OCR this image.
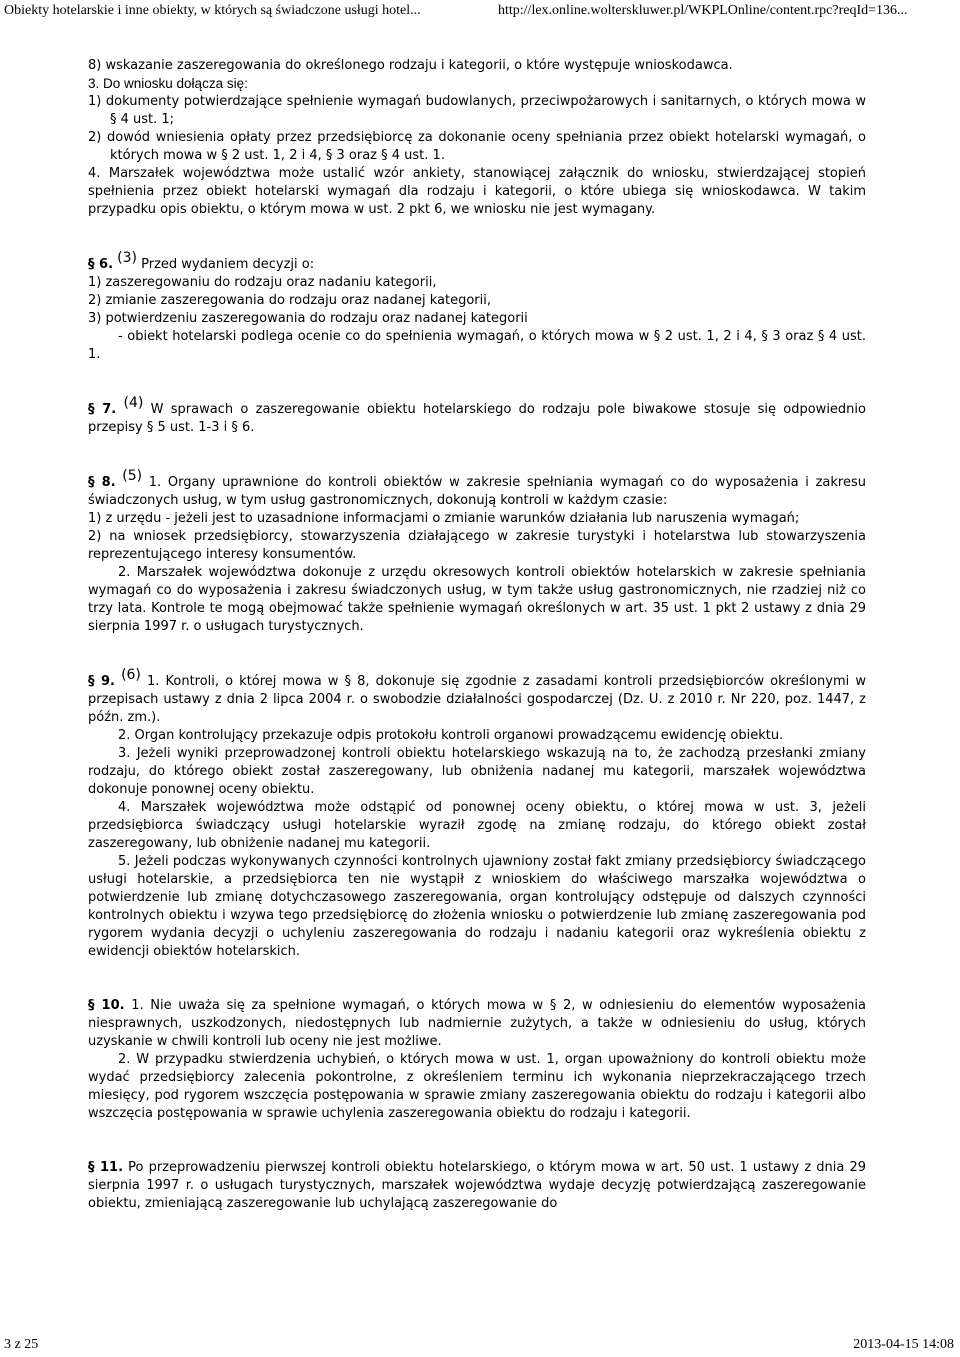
Obiekty hotelarskie i inne obiekty, w których są świadczone usługi hotel...	http://lex.online.wolterskluwer.pl/WKPLOnline/content.rpc?reqId=136...

8) wskazanie zaszeregowania do określonego rodzaju i kategorii, o które występuje wnioskodawca.

3. Do wniosku dołącza się:

1) dokumenty potwierdzające spełnienie wymagań budowlanych, przeciwpożarowych i sanitarnych, o których mowa w § 4 ust. 1;

2) dowód wniesienia opłaty przez przedsiębiorcę za dokonanie oceny spełniania przez obiekt hotelarski wymagań, o których mowa w § 2 ust. 1, 2 i 4, § 3 oraz § 4 ust. 1.

4. Marszałek województwa może ustalić wzór ankiety, stanowiącej załącznik do wniosku, stwierdzającej stopień spełnienia przez obiekt hotelarski wymagań dla rodzaju i kategorii, o które ubiega się wnioskodawca. W takim przypadku opis obiektu, o którym mowa w ust. 2 pkt 6, we wniosku nie jest wymagany.

§ 6. (3) Przed wydaniem decyzji o:

1) zaszeregowaniu do rodzaju oraz nadaniu kategorii,

2) zmianie zaszeregowania do rodzaju oraz nadanej kategorii,

3) potwierdzeniu zaszeregowania do rodzaju oraz nadanej kategorii

- obiekt hotelarski podlega ocenie co do spełnienia wymagań, o których mowa w § 2 ust. 1, 2 i 4, § 3 oraz § 4 ust. 1.

§ 7. (4) W sprawach o zaszeregowanie obiektu hotelarskiego do rodzaju pole biwakowe stosuje się odpowiednio przepisy § 5 ust. 1-3 i § 6.

§ 8. (5) 1. Organy uprawnione do kontroli obiektów w zakresie spełniania wymagań co do wyposażenia i zakresu świadczonych usług, w tym usług gastronomicznych, dokonują kontroli w każdym czasie:

1) z urzędu - jeżeli jest to uzasadnione informacjami o zmianie warunków działania lub naruszenia wymagań;

2) na wniosek przedsiębiorcy, stowarzyszenia działającego w zakresie turystyki i hotelarstwa lub stowarzyszenia reprezentującego interesy konsumentów.

2. Marszałek województwa dokonuje z urzędu okresowych kontroli obiektów hotelarskich w zakresie spełniania wymagań co do wyposażenia i zakresu świadczonych usług, w tym także usług gastronomicznych, nie rzadziej niż co trzy lata. Kontrole te mogą obejmować także spełnienie wymagań określonych w art. 35 ust. 1 pkt 2 ustawy z dnia 29 sierpnia 1997 r. o usługach turystycznych.

§ 9. (6) 1. Kontroli, o której mowa w § 8, dokonuje się zgodnie z zasadami kontroli przedsiębiorców określonymi w przepisach ustawy z dnia 2 lipca 2004 r. o swobodzie działalności gospodarczej (Dz. U. z 2010 r. Nr 220, poz. 1447, z późn. zm.).

2. Organ kontrolujący przekazuje odpis protokołu kontroli organowi prowadzącemu ewidencję obiektu.

3. Jeżeli wyniki przeprowadzonej kontroli obiektu hotelarskiego wskazują na to, że zachodzą przesłanki zmiany rodzaju, do którego obiekt został zaszeregowany, lub obniżenia nadanej mu kategorii, marszałek województwa dokonuje ponownej oceny obiektu.

4. Marszałek województwa może odstąpić od ponownej oceny obiektu, o której mowa w ust. 3, jeżeli przedsiębiorca świadczący usługi hotelarskie wyraził zgodę na zmianę rodzaju, do którego obiekt został zaszeregowany, lub obniżenie nadanej mu kategorii.

5. Jeżeli podczas wykonywanych czynności kontrolnych ujawniony został fakt zmiany przedsiębiorcy świadczącego usługi hotelarskie, a przedsiębiorca ten nie wystąpił z wnioskiem do właściwego marszałka województwa o potwierdzenie lub zmianę dotychczasowego zaszeregowania, organ kontrolujący odstępuje od dalszych czynności kontrolnych obiektu i wzywa tego przedsiębiorcę do złożenia wniosku o potwierdzenie lub zmianę zaszeregowania pod rygorem wydania decyzji o uchyleniu zaszeregowania do rodzaju i nadaniu kategorii oraz wykreślenia obiektu z ewidencji obiektów hotelarskich.

§ 10. 1. Nie uważa się za spełnione wymagań, o których mowa w § 2, w odniesieniu do elementów wyposażenia niesprawnych, uszkodzonych, niedostępnych lub nadmiernie zużytych, a także w odniesieniu do usług, których uzyskanie w chwili kontroli lub oceny nie jest możliwe.

2. W przypadku stwierdzenia uchybień, o których mowa w ust. 1, organ upoważniony do kontroli obiektu może wydać przedsiębiorcy zalecenia pokontrolne, z określeniem terminu ich wykonania nieprzekraczającego trzech miesięcy, pod rygorem wszczęcia postępowania w sprawie zmiany zaszeregowania obiektu do rodzaju i kategorii albo wszczęcia postępowania w sprawie uchylenia zaszeregowania obiektu do rodzaju i kategorii.

§ 11. Po przeprowadzeniu pierwszej kontroli obiektu hotelarskiego, o którym mowa w art. 50 ust. 1 ustawy z dnia 29 sierpnia 1997 r. o usługach turystycznych, marszałek województwa wydaje decyzję potwierdzającą zaszeregowanie obiektu, zmieniającą zaszeregowanie lub uchylającą zaszeregowanie do

3 z 25	2013-04-15 14:08
